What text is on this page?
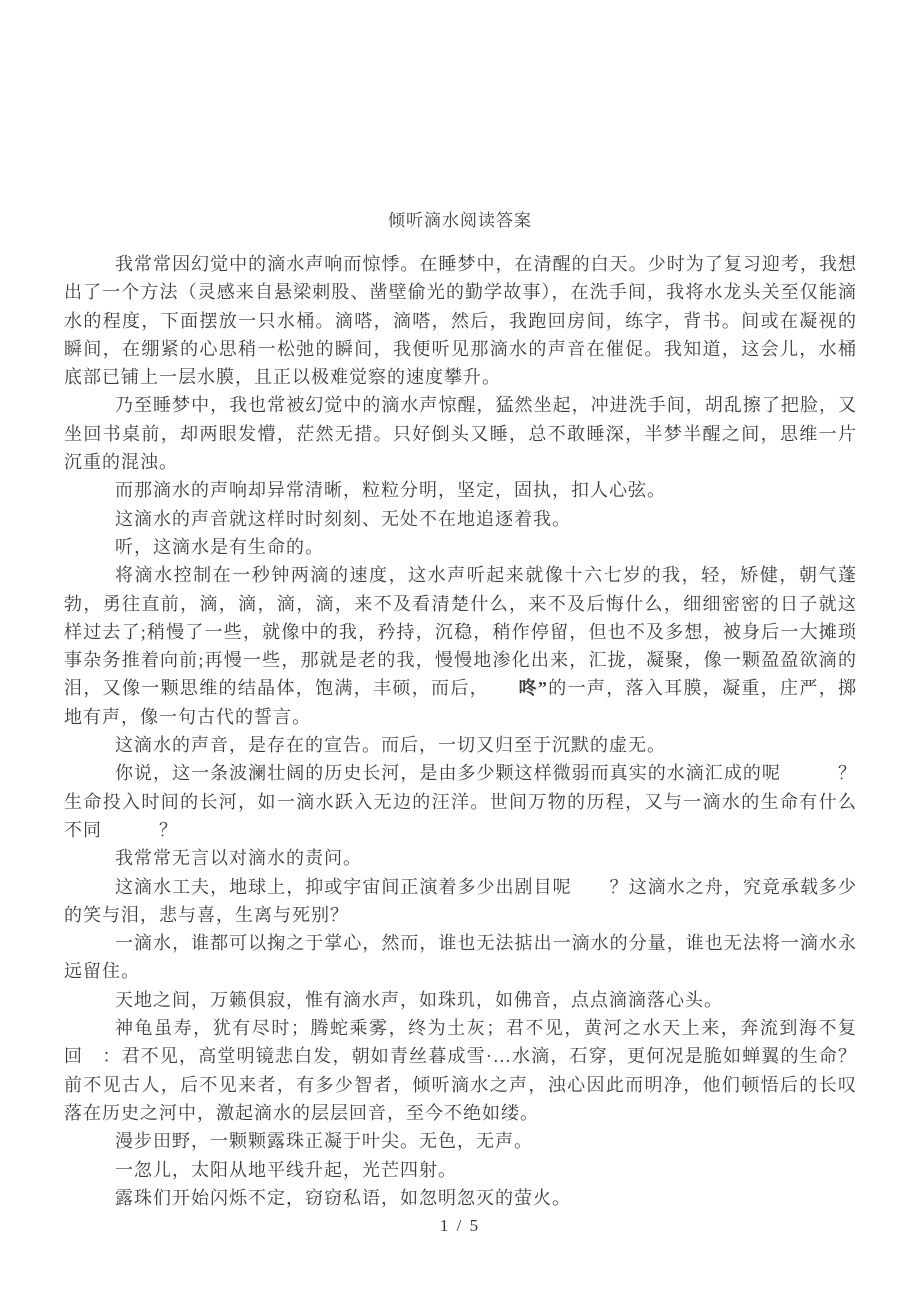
倾听滴水阅读答案

我常常因幻觉中的滴水声响而惊悸。在睡梦中，在清醒的白天。少时为了复习迎考，我想出了一个方法（灵感来自悬梁刺股、凿壁偷光的勤学故事），在洗手间，我将水龙头关至仅能滴水的程度，下面摆放一只水桶。滴嗒，滴嗒，然后，我跑回房间，练字，背书。间或在凝视的瞬间，在绷紧的心思稍一松弛的瞬间，我便听见那滴水的声音在催促。我知道，这会儿，水桶底部已铺上一层水膜，且正以极难觉察的速度攀升。

乃至睡梦中，我也常被幻觉中的滴水声惊醒，猛然坐起，冲进洗手间，胡乱擦了把脸，又坐回书桌前，却两眼发懵，茫然无措。只好倒头又睡，总不敢睡深，半梦半醒之间，思维一片沉重的混浊。

而那滴水的声响却异常清晰，粒粒分明，坚定，固执，扣人心弦。

这滴水的声音就这样时时刻刻、无处不在地追逐着我。

听，这滴水是有生命的。

将滴水控制在一秒钟两滴的速度，这水声听起来就像十六七岁的我，轻，矫健，朝气蓬勃，勇往直前，滴，滴，滴，滴，来不及看清楚什么，来不及后悔什么，细细密密的日子就这样过去了;稍慢了一些，就像中的我，矜持，沉稳，稍作停留，但也不及多想，被身后一大摊琐事杂务推着向前;再慢一些，那就是老的我，慢慢地渗化出来，汇拢，凝聚，像一颗盈盈欲滴的泪，又像一颗思维的结晶体，饱满，丰硕，而后，　　咚”的一声，落入耳膜，凝重，庄严，掷地有声，像一句古代的誓言。

这滴水的声音，是存在的宣告。而后，一切又归至于沉默的虚无。

你说，这一条波澜壮阔的历史长河，是由多少颗这样微弱而真实的水滴汇成的呢　　　？生命投入时间的长河，如一滴水跃入无边的汪洋。世间万物的历程，又与一滴水的生命有什么不同　　　？

我常常无言以对滴水的责问。

这滴水工夫，地球上，抑或宇宙间正演着多少出剧目呢　　？这滴水之舟，究竟承载多少的笑与泪，悲与喜，生离与死别？

一滴水，谁都可以掬之于掌心，然而，谁也无法掂出一滴水的分量，谁也无法将一滴水永远留住。

天地之间，万籁俱寂，惟有滴水声，如珠玑，如佛音，点点滴滴落心头。

神龟虽寿，犹有尽时；腾蛇乘雾，终为土灰；君不见，黄河之水天上来，奔流到海不复回　：君不见，高堂明镜悲白发，朝如青丝暮成雪·…水滴，石穿，更何况是脆如蝉翼的生命？前不见古人，后不见来者，有多少智者，倾听滴水之声，浊心因此而明净，他们顿悟后的长叹落在历史之河中，激起滴水的层层回音，至今不绝如缕。

漫步田野，一颗颗露珠正凝于叶尖。无色，无声。

一忽儿，太阳从地平线升起，光芒四射。

露珠们开始闪烁不定，窃窃私语，如忽明忽灭的萤火。

1 / 5
